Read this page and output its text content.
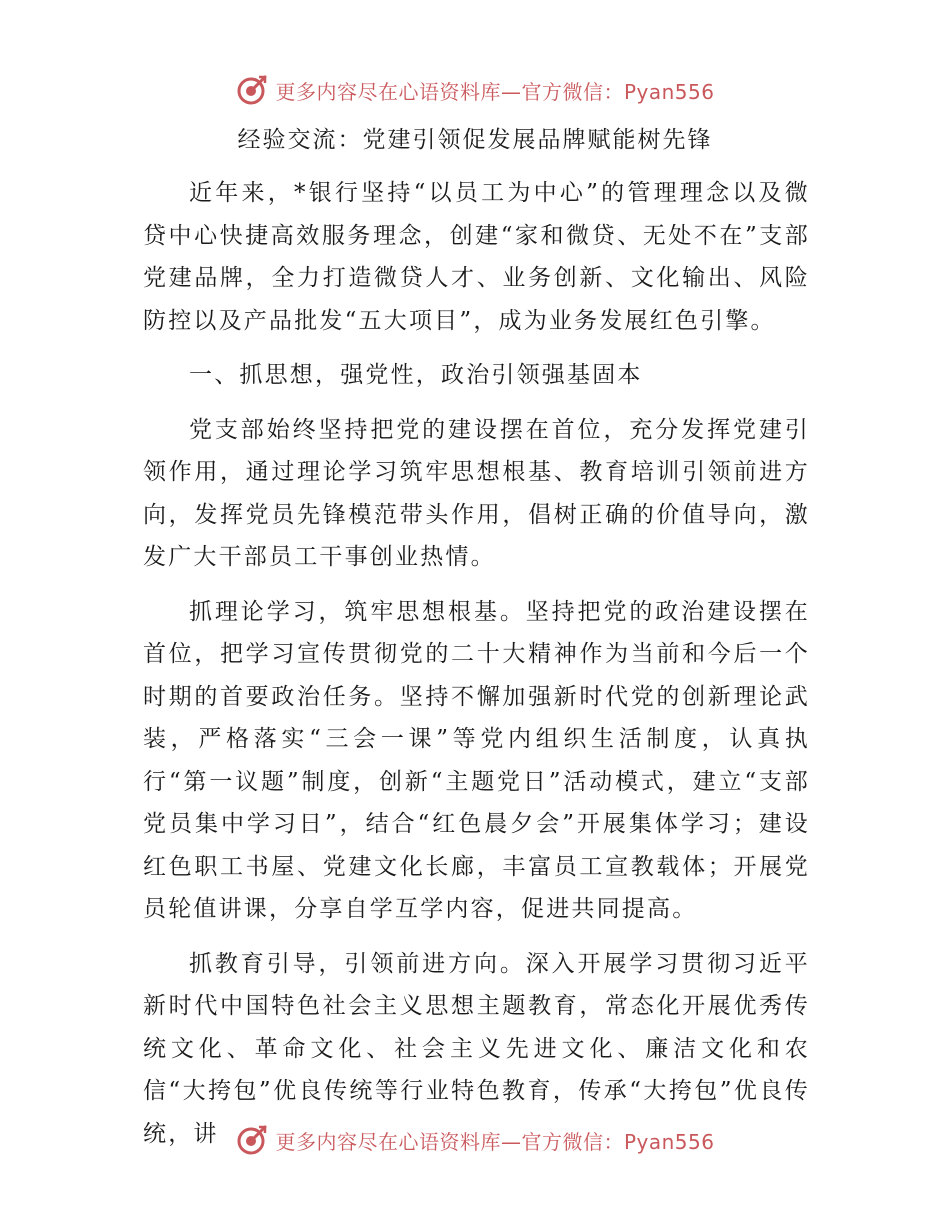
更多内容尽在心语资料库—官方微信：Pyan556
经验交流：党建引领促发展品牌赋能树先锋

近年来，*银行坚持“以员工为中心”的管理理念以及微贷中心快捷高效服务理念，创建“家和微贷、无处不在”支部党建品牌，全力打造微贷人才、业务创新、文化输出、风险防控以及产品批发“五大项目”，成为业务发展红色引擎。

一、抓思想，强党性，政治引领强基固本

党支部始终坚持把党的建设摆在首位，充分发挥党建引领作用，通过理论学习筑牢思想根基、教育培训引领前进方向，发挥党员先锋模范带头作用，倡树正确的价值导向，激发广大干部员工干事创业热情。

抓理论学习，筑牢思想根基。坚持把党的政治建设摆在首位，把学习宣传贯彻党的二十大精神作为当前和今后一个时期的首要政治任务。坚持不懈加强新时代党的创新理论武装，严格落实“三会一课”等党内组织生活制度，认真执行“第一议题”制度，创新“主题党日”活动模式，建立“支部党员集中学习日”，结合“红色晨夕会”开展集体学习；建设红色职工书屋、党建文化长廊，丰富员工宣教载体；开展党员轮值讲课，分享自学互学内容，促进共同提高。

抓教育引导，引领前进方向。深入开展学习贯彻习近平新时代中国特色社会主义思想主题教育，常态化开展优秀传统文化、革命文化、社会主义先进文化、廉洁文化和农信“大挎包”优良传统等行业特色教育，传承“大挎包”优良传统，讲	更多内容尽在心语资料库—官方微信：Pyan556
